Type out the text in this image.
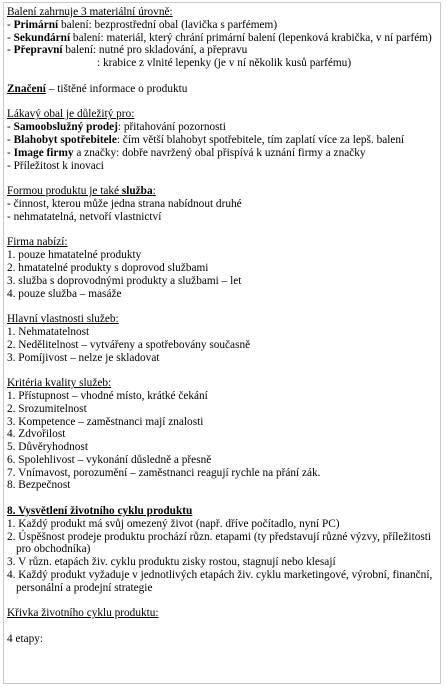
Balení zahrnuje 3 materiální úrovně:
- Primární balení: bezprostřední obal (lavička s parfémem)
- Sekundární balení: materiál, který chrání primární balení (lepenková krabička, v ní parfém)
- Přepravní balení: nutné pro skladování, a přepravu
: krabice z vlnité lepenky (je v ní několik kusů parfému)
Značení – tištěné informace o produktu
Lákavý obal je důležitý pro:
- Samoobslužný prodej: přitahování pozornosti
- Blahobyt spotřebitele: čím větší blahobyt spotřebitele, tím zaplatí více za lepš. balení
- Image firmy a značky: dobře navržený obal přispívá k uznání firmy a značky
- Příležitost k inovaci
Formou produktu je také služba:
- činnost, kterou může jedna strana nabídnout druhé
- nehmatatelná, netvoří vlastnictví
Firma nabízí:
1. pouze hmatatelné produkty
2. hmatatelné produkty s doprovod službami
3. služba s doprovodnými produkty a službami – let
4. pouze služba – masáže
Hlavní vlastnosti služeb:
1. Nehmatatelnost
2. Nedělitelnost – vytvářeny a spotřebovány současně
3. Pomíjivost – nelze je skladovat
Kritéria kvality služeb:
1. Přístupnost – vhodné místo, krátké čekání
2. Srozumitelnost
3. Kompetence – zaměstnanci mají znalosti
4. Zdvořilost
5. Důvěryhodnost
6. Spolehlivost – vykonání důsledně a přesně
7. Vnímavost, porozumění – zaměstnanci reagují rychle na přání zák.
8. Bezpečnost
8. Vysvětlení životního cyklu produktu
1. Každý produkt má svůj omezený život (např. dříve počítadlo, nyní PC)
2. Úspěšnost prodeje produktu prochází různ. etapami (ty představují různé výzvy, příležitosti
pro obchodníka)
3. V různ. etapách živ. cyklu produktu zisky rostou, stagnují nebo klesají
4. Každý produkt vyžaduje v jednotlivých etapách živ. cyklu marketingové, výrobní, finanční,
personální a prodejní strategie
Křivka životního cyklu produktu:
4 etapy:
